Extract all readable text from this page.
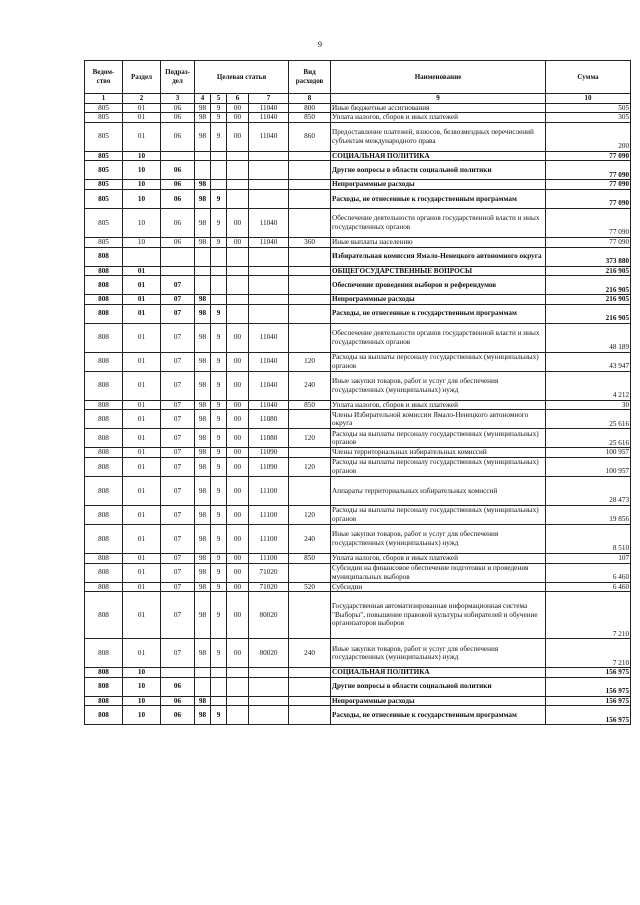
9
Ведом-ство	Раздел	Подраз-дел	Целевая статья				Вид расходов	Наименование	Сумма
1	2	3	4	5	6	7	8	9	10
805	01	06	98	9	00	11040	800	Иные бюджетные ассигнования	505
805	01	06	98	9	00	11040	850	Уплата налогов, сборов и иных платежей	305
805	01	06	98	9	00	11040	860	Предоставление платежей, взносов, безвозмездных перечислений субъектам международного права	200
805	10							СОЦИАЛЬНАЯ ПОЛИТИКА	77 090
805	10	06						Другие вопросы в области социальной политики	77 090
805	10	06	98					Непрограммные расходы	77 090
805	10	06	98	9				Расходы, не отнесенные к государственным программам	77 090
805	10	06	98	9	00	11040		Обеспечение деятельности органов государственной власти и иных государственных органов	77 090
805	10	06	98	9	00	11040	360	Иные выплаты населению	77 090
808								Избирательная комиссия Ямало-Ненецкого автономного округа	373 880
808	01							ОБЩЕГОСУДАРСТВЕННЫЕ ВОПРОСЫ	216 905
808	01	07						Обеспечение проведения выборов и референдумов	216 905
808	01	07	98					Непрограммные расходы	216 905
808	01	07	98	9				Расходы, не отнесенные к государственным программам	216 905
808	01	07	98	9	00	11040		Обеспечение деятельности органов государственной власти и иных государственных органов	48 189
808	01	07	98	9	00	11040	120	Расходы на выплаты персоналу государственных (муниципальных) органов	43 947
808	01	07	98	9	00	11040	240	Иные закупки товаров, работ и услуг для обеспечения государственных (муниципальных) нужд	4 212
808	01	07	98	9	00	11040	850	Уплата налогов, сборов и иных платежей	30
808	01	07	98	9	00	11080		Члены Избирательной комиссии Ямало-Ненецкого автономного округа	25 616
808	01	07	98	9	00	11080	120	Расходы на выплаты персоналу государственных (муниципальных) органов	25 616
808	01	07	98	9	00	11090		Члены территориальных избирательных комиссий	100 957
808	01	07	98	9	00	11090	120	Расходы на выплаты персоналу государственных (муниципальных) органов	100 957
808	01	07	98	9	00	11100		Аппараты территориальных избирательных комиссий	28 473
808	01	07	98	9	00	11100	120	Расходы на выплаты персоналу государственных (муниципальных) органов	19 856
808	01	07	98	9	00	11100	240	Иные закупки товаров, работ и услуг для обеспечения государственных (муниципальных) нужд	8 510
808	01	07	98	9	00	11100	850	Уплата налогов, сборов и иных платежей	107
808	01	07	98	9	00	71020		Субсидии на финансовое обеспечение подготовки и проведения муниципальных выборов	6 460
808	01	07	98	9	00	71020	520	Субсидии	6 460
808	01	07	98	9	00	80020		Государственная автоматизированная информационная система "Выборы", повышение правовой культуры избирателей и обучение организаторов выборов	7 210
808	01	07	98	9	00	80020	240	Иные закупки товаров, работ и услуг для обеспечения государственных (муниципальных) нужд	7 210
808	10							СОЦИАЛЬНАЯ ПОЛИТИКА	156 975
808	10	06						Другие вопросы в области социальной политики	156 975
808	10	06	98					Непрограммные расходы	156 975
808	10	06	98	9				Расходы, не отнесенные к государственным программам	156 975
